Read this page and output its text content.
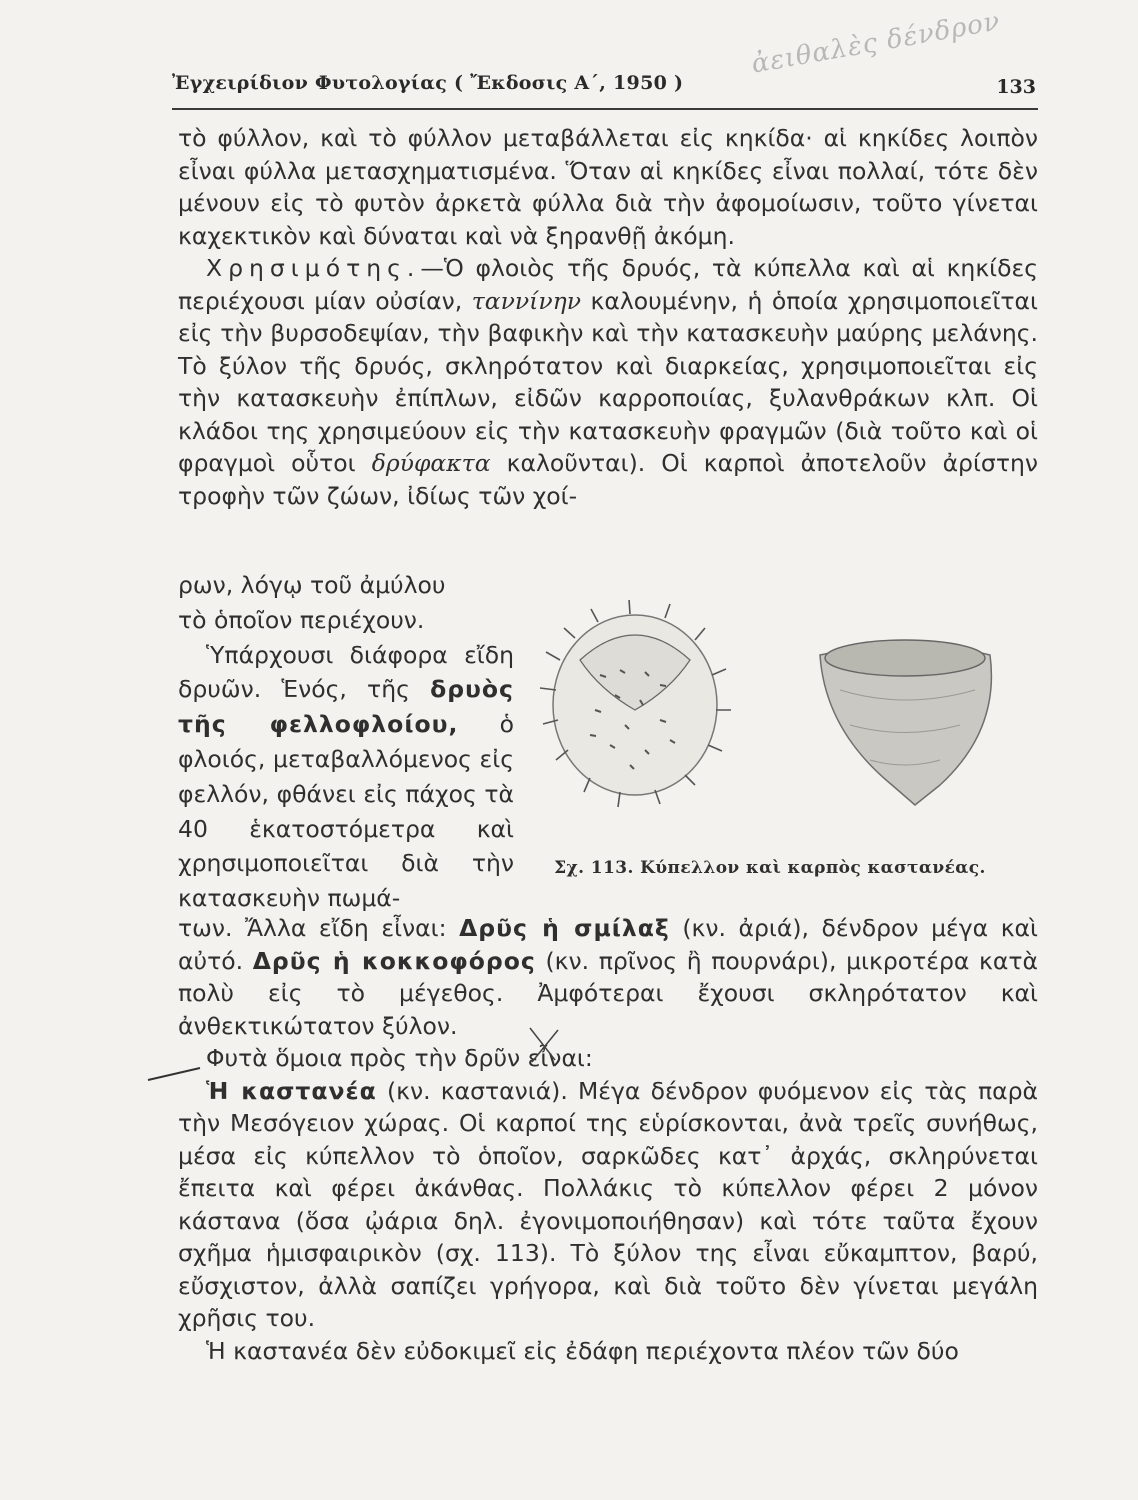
Ἐγχειρίδιον Φυτολογίας ( Ἔκδοσις Α΄, 1950 )	133
ἀειθαλὲς δένδρον

τὸ φύλλον, καὶ τὸ φύλλον μεταβάλλεται εἰς κηκίδα· αἱ κηκίδες λοιπὸν εἶναι φύλλα μετασχηματισμένα. Ὅταν αἱ κηκίδες εἶναι πολλαί, τότε δὲν μένουν εἰς τὸ φυτὸν ἀρκετὰ φύλλα διὰ τὴν ἀφομοίωσιν, τοῦτο γίνεται καχεκτικὸν καὶ δύναται καὶ νὰ ξηρανθῇ ἀκόμη.

Χρησιμότης.—Ὁ φλοιὸς τῆς δρυός, τὰ κύπελλα καὶ αἱ κηκίδες περιέχουσι μίαν οὐσίαν, ταννίνην καλουμένην, ἡ ὁποία χρησιμοποιεῖται εἰς τὴν βυρσοδεψίαν, τὴν βαφικὴν καὶ τὴν κατασκευὴν μαύρης μελάνης. Τὸ ξύλον τῆς δρυός, σκληρότατον καὶ διαρκείας, χρησιμοποιεῖται εἰς τὴν κατασκευὴν ἐπίπλων, εἰδῶν καρροποιίας, ξυλανθράκων κλπ. Οἱ κλάδοι της χρησιμεύουν εἰς τὴν κατασκευὴν φραγμῶν (διὰ τοῦτο καὶ οἱ φραγμοὶ οὗτοι δρύφακτα καλοῦνται). Οἱ καρποὶ ἀποτελοῦν ἀρίστην τροφὴν τῶν ζώων, ἰδίως τῶν χοί-

ρων, λόγῳ τοῦ ἀμύλου
τὸ ὁποῖον περιέχουν.

Ὑπάρχουσι διάφορα εἴδη δρυῶν. Ἑνός, τῆς δρυὸς τῆς φελλοφλοίου, ὁ φλοιός, μεταβαλλόμενος εἰς φελλόν, φθάνει εἰς πάχος τὰ 40 ἑκατοστόμετρα καὶ χρησιμοποιεῖται διὰ τὴν κατασκευὴν πωμά-

Σχ. 113. Κύπελλον καὶ καρπὸς καστανέας.

των. Ἄλλα εἴδη εἶναι: Δρῦς ἡ σμίλαξ (κν. ἀριά), δένδρον μέγα καὶ αὐτό. Δρῦς ἡ κοκκοφόρος (κν. πρῖνος ἢ πουρνάρι), μικροτέρα κατὰ πολὺ εἰς τὸ μέγεθος. Ἀμφότεραι ἔχουσι σκληρότατον καὶ ἀνθεκτικώτατον ξύλον.

Φυτὰ ὅμοια πρὸς τὴν δρῦν εἶναι:

Ἡ καστανέα (κν. καστανιά). Μέγα δένδρον φυόμενον εἰς τὰς παρὰ τὴν Μεσόγειον χώρας. Οἱ καρποί της εὑρίσκονται, ἀνὰ τρεῖς συνήθως, μέσα εἰς κύπελλον τὸ ὁποῖον, σαρκῶδες κατ᾽ ἀρχάς, σκληρύνεται ἔπειτα καὶ φέρει ἀκάνθας. Πολλάκις τὸ κύπελλον φέρει 2 μόνον κάστανα (ὅσα ᾠάρια δηλ. ἐγονιμοποιήθησαν) καὶ τότε ταῦτα ἔχουν σχῆμα ἡμισφαιρικὸν (σχ. 113). Τὸ ξύλον της εἶναι εὔκαμπτον, βαρύ, εὔσχιστον, ἀλλὰ σαπίζει γρήγορα, καὶ διὰ τοῦτο δὲν γίνεται μεγάλη χρῆσις του.

Ἡ καστανέα δὲν εὐδοκιμεῖ εἰς ἐδάφη περιέχοντα πλέον τῶν δύο
